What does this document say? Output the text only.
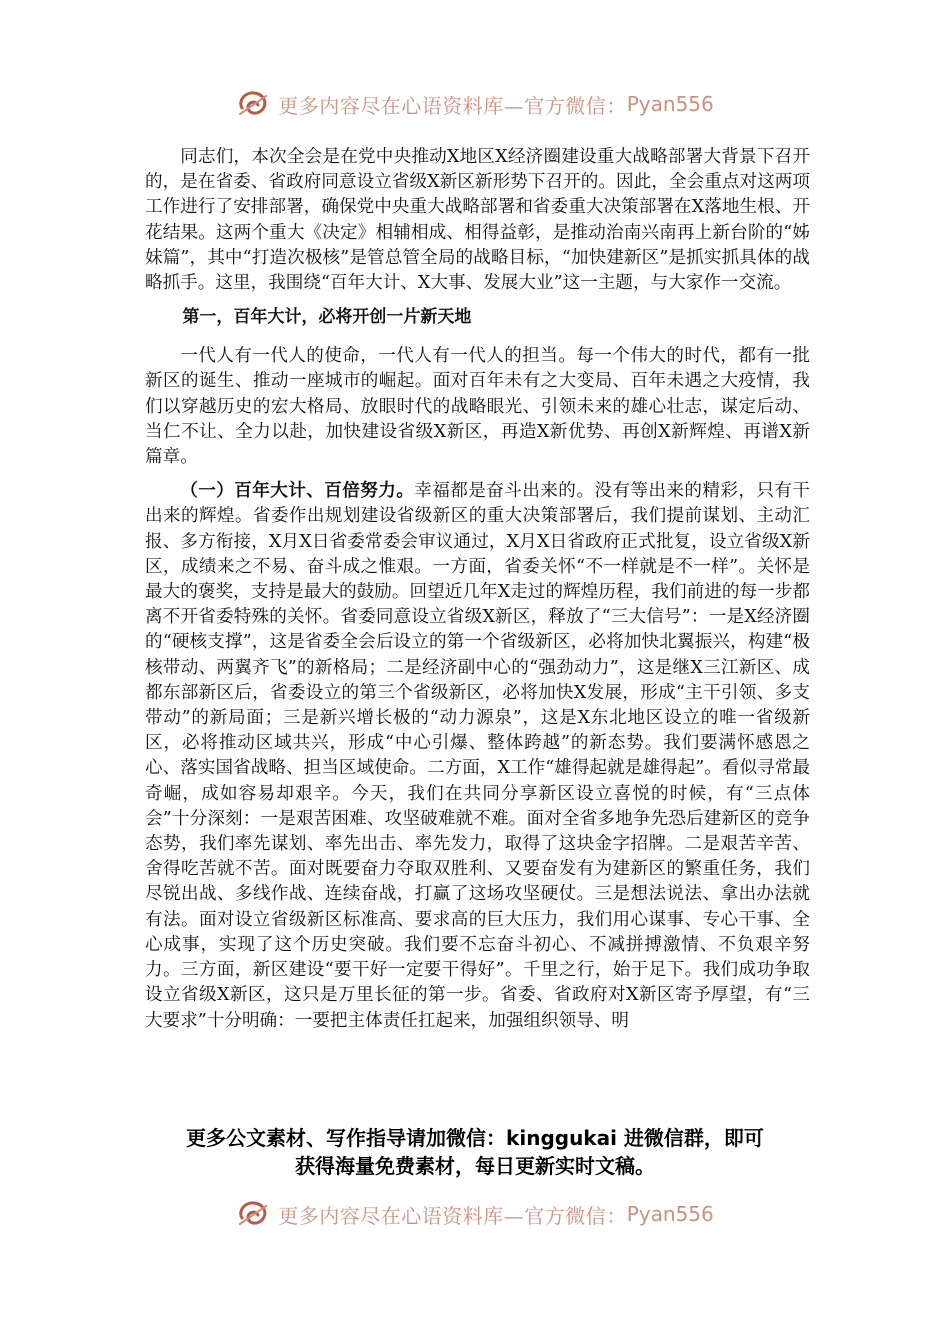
更多内容尽在心语资料库—官方微信： Pyan556

同志们，本次全会是在党中央推动X地区X经济圈建设重大战略部署大背景下召开的，是在省委、省政府同意设立省级X新区新形势下召开的。因此，全会重点对这两项工作进行了安排部署，确保党中央重大战略部署和省委重大决策部署在X落地生根、开花结果。这两个重大《决定》相辅相成、相得益彰，是推动治南兴南再上新台阶的“姊妹篇”，其中“打造次极核”是管总管全局的战略目标，“加快建新区”是抓实抓具体的战略抓手。这里，我围绕“百年大计、X大事、发展大业”这一主题，与大家作一交流。

第一，百年大计，必将开创一片新天地

一代人有一代人的使命，一代人有一代人的担当。每一个伟大的时代，都有一批新区的诞生、推动一座城市的崛起。面对百年未有之大变局、百年未遇之大疫情，我们以穿越历史的宏大格局、放眼时代的战略眼光、引领未来的雄心壮志，谋定后动、当仁不让、全力以赴，加快建设省级X新区，再造X新优势、再创X新辉煌、再谱X新篇章。

（一）百年大计、百倍努力。幸福都是奋斗出来的。没有等出来的精彩，只有干出来的辉煌。省委作出规划建设省级新区的重大决策部署后，我们提前谋划、主动汇报、多方衔接，X月X日省委常委会审议通过，X月X日省政府正式批复，设立省级X新区，成绩来之不易、奋斗成之惟艰。一方面，省委关怀“不一样就是不一样”。关怀是最大的褒奖，支持是最大的鼓励。回望近几年X走过的辉煌历程，我们前进的每一步都离不开省委特殊的关怀。省委同意设立省级X新区，释放了“三大信号”：一是X经济圈的“硬核支撑”，这是省委全会后设立的第一个省级新区，必将加快北翼振兴，构建“极核带动、两翼齐飞”的新格局；二是经济副中心的“强劲动力”，这是继X三江新区、成都东部新区后，省委设立的第三个省级新区，必将加快X发展，形成“主干引领、多支带动”的新局面；三是新兴增长极的“动力源泉”，这是X东北地区设立的唯一省级新区，必将推动区域共兴，形成“中心引爆、整体跨越”的新态势。我们要满怀感恩之心、落实国省战略、担当区域使命。二方面，X工作“雄得起就是雄得起”。看似寻常最奇崛，成如容易却艰辛。今天，我们在共同分享新区设立喜悦的时候，有“三点体会”十分深刻：一是艰苦困难、攻坚破难就不难。面对全省多地争先恐后建新区的竞争态势，我们率先谋划、率先出击、率先发力，取得了这块金字招牌。二是艰苦辛苦、舍得吃苦就不苦。面对既要奋力夺取双胜利、又要奋发有为建新区的繁重任务，我们尽锐出战、多线作战、连续奋战，打赢了这场攻坚硬仗。三是想法说法、拿出办法就有法。面对设立省级新区标准高、要求高的巨大压力，我们用心谋事、专心干事、全心成事，实现了这个历史突破。我们要不忘奋斗初心、不减拼搏激情、不负艰辛努力。三方面，新区建设“要干好一定要干得好”。千里之行，始于足下。我们成功争取设立省级X新区，这只是万里长征的第一步。省委、省政府对X新区寄予厚望，有“三大要求”十分明确：一要把主体责任扛起来，加强组织领导、明

更多公文素材、写作指导请加微信：kinggukai 进微信群，即可
获得海量免费素材，每日更新实时文稿。
更多内容尽在心语资料库—官方微信： Pyan556
